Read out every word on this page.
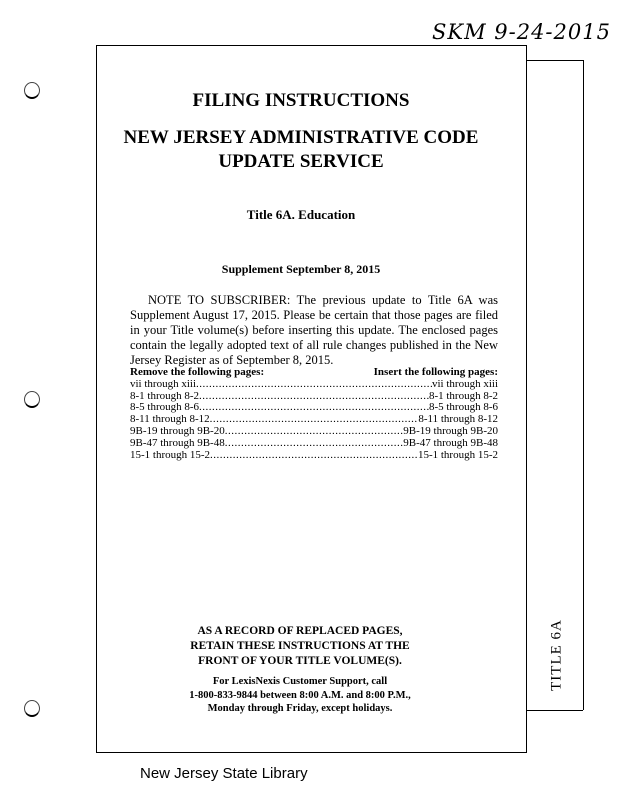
SKM 9-24-2015
FILING INSTRUCTIONS
NEW JERSEY ADMINISTRATIVE CODE
UPDATE SERVICE
Title 6A. Education
Supplement September 8, 2015
NOTE TO SUBSCRIBER: The previous update to Title 6A was Supplement August 17, 2015. Please be certain that those pages are filed in your Title volume(s) before inserting this update. The enclosed pages contain the legally adopted text of all rule changes published in the New Jersey Register as of September 8, 2015.
Remove the following pages:	Insert the following pages:
vii through xiii .....	vii through xiii
8-1 through 8-2 .....	8-1 through 8-2
8-5 through 8-6 .....	8-5 through 8-6
8-11 through 8-12 .....	8-11 through 8-12
9B-19 through 9B-20 .....	9B-19 through 9B-20
9B-47 through 9B-48 .....	9B-47 through 9B-48
15-1 through 15-2 .....	15-1 through 15-2
AS A RECORD OF REPLACED PAGES,
RETAIN THESE INSTRUCTIONS AT THE
FRONT OF YOUR TITLE VOLUME(S).
For LexisNexis Customer Support, call
1-800-833-9844 between 8:00 A.M. and 8:00 P.M.,
Monday through Friday, except holidays.
TITLE 6A
New Jersey State Library
